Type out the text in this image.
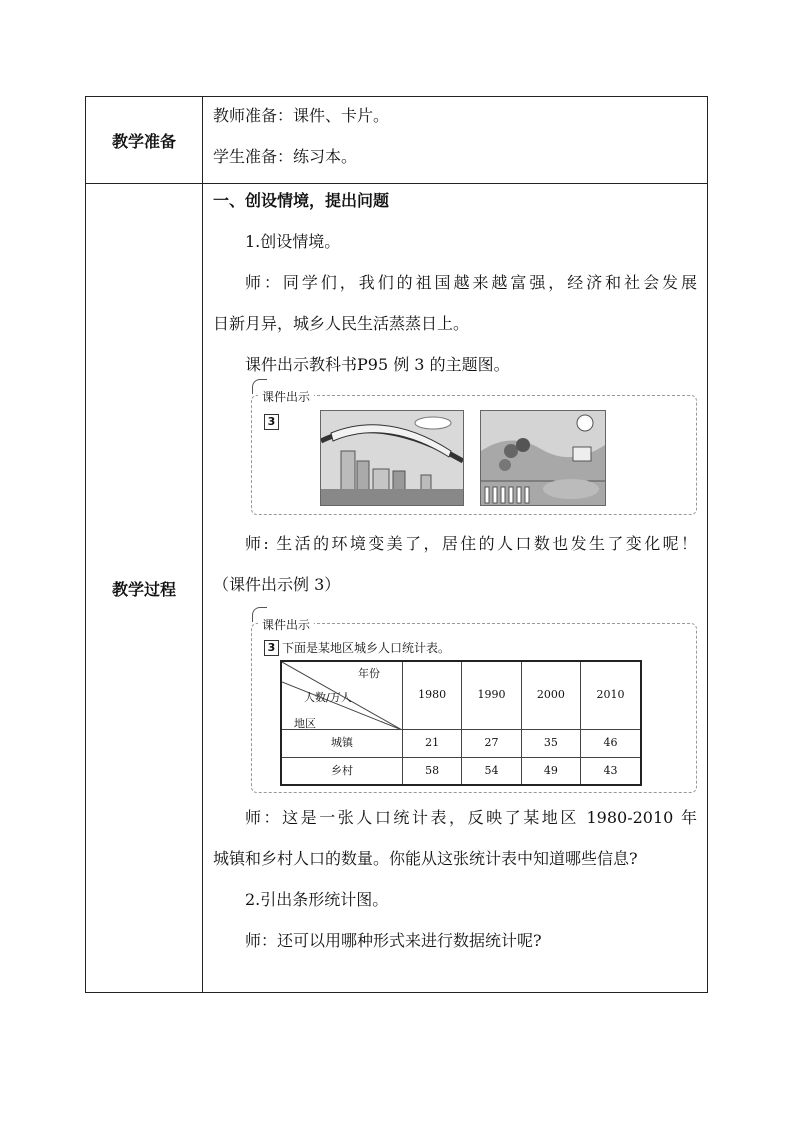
教学准备	
教师准备：课件、卡片。
学生准备：练习本。

教学过程	
一、创设情境，提出问题
1.创设情境。
师：同学们，我们的祖国越来越富强，经济和社会发展
日新月异，城乡人民生活蒸蒸日上。
课件出示教科书P95 例 3 的主题图。
课件出示
3
师: 生活的环境变美了，居住的人口数也发生了变化呢！
（课件出示例 3）
课件出示
3 下面是某地区城乡人口统计表。
年份
人数/万人
地区
	1980	1990	2000	2010
城镇	21	27	35	46
乡村	58	54	49	43
师：这是一张人口统计表，反映了某地区 1980-2010 年
城镇和乡村人口的数量。你能从这张统计表中知道哪些信息?
2.引出条形统计图。
师：还可以用哪种形式来进行数据统计呢?
